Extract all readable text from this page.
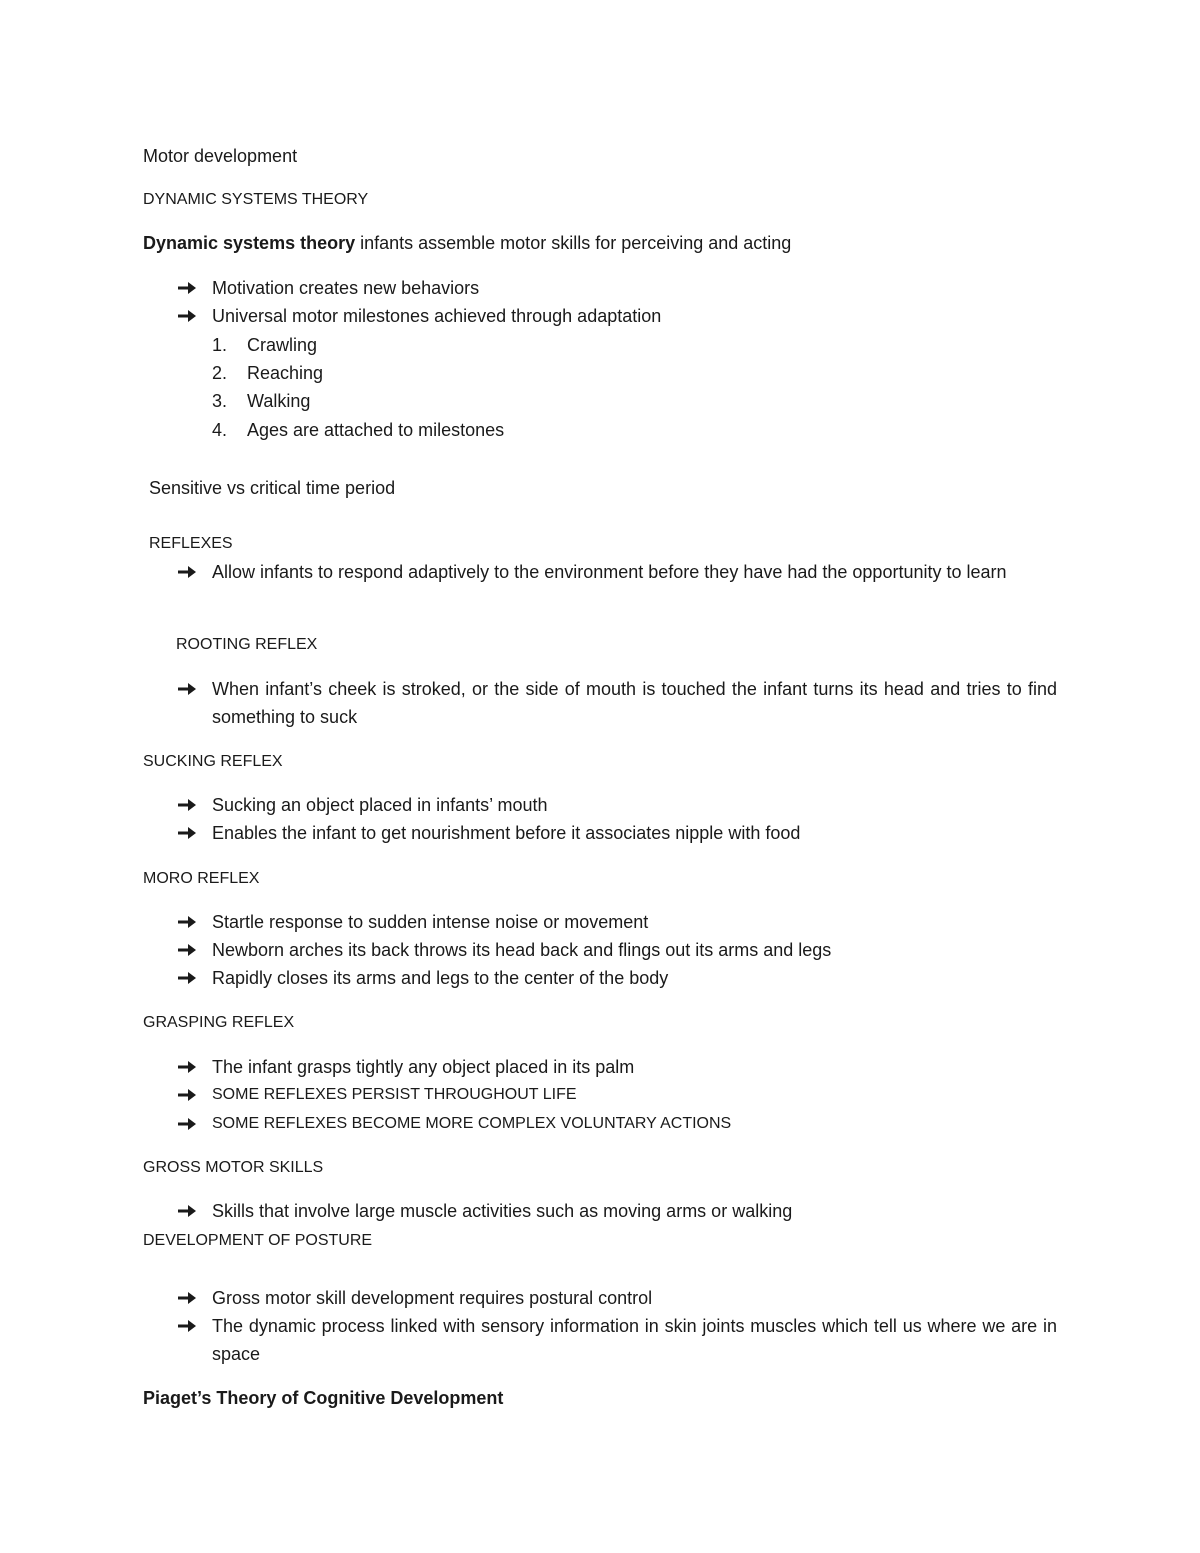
Motor development
DYNAMIC SYSTEMS THEORY
Dynamic systems theory infants assemble motor skills for perceiving and acting
Motivation creates new behaviors
Universal motor milestones achieved through adaptation
1. Crawling
2. Reaching
3. Walking
4. Ages are attached to milestones
Sensitive vs critical time period
REFLEXES
Allow infants to respond adaptively to the environment before they have had the opportunity to learn
ROOTING REFLEX
When infant’s cheek is stroked, or the side of mouth is touched the infant turns its head and tries to find something to suck
SUCKING REFLEX
Sucking an object placed in infants’ mouth
Enables the infant to get nourishment before it associates nipple with food
MORO REFLEX
Startle response to sudden intense noise or movement
Newborn arches its back throws its head back and flings out its arms and legs
Rapidly closes its arms and legs to the center of the body
GRASPING REFLEX
The infant grasps tightly any object placed in its palm
SOME REFLEXES PERSIST THROUGHOUT LIFE
SOME REFLEXES BECOME MORE COMPLEX VOLUNTARY ACTIONS
GROSS MOTOR SKILLS
Skills that involve large muscle activities such as moving arms or walking
DEVELOPMENT OF POSTURE
Gross motor skill development requires postural control
The dynamic process linked with sensory information in skin joints muscles which tell us where we are in space
Piaget’s Theory of Cognitive Development
